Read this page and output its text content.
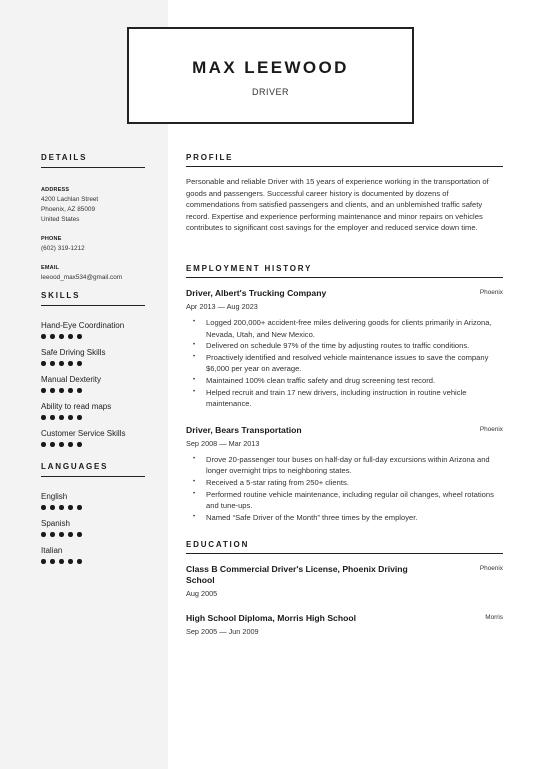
MAX LEEWOOD
DRIVER
DETAILS
ADDRESS
4200 Lachlan Street
Phoenix, AZ 85009
United States
PHONE
(602) 319-1212
EMAIL
leeood_max534@gmail.com
SKILLS
Hand-Eye Coordination
Safe Driving Skills
Manual Dexterity
Ability to read maps
Customer Service Skills
LANGUAGES
English
Spanish
Italian
PROFILE
Personable and reliable Driver with 15 years of experience working in the transportation of goods and passengers. Successful career history is documented by dozens of commendations from satisfied passengers and clients, and an unblemished traffic safety record. Expertise and experience performing maintenance and minor repairs on vehicles contributes to significant cost savings for the employer and reduced service down time.
EMPLOYMENT HISTORY
Driver, Albert's Trucking Company	Phoenix
Apr 2013 — Aug 2023
• Logged 200,000+ accident-free miles delivering goods for clients primarily in Arizona, Nevada, Utah, and New Mexico.
• Delivered on schedule 97% of the time by adjusting routes to traffic conditions.
• Proactively identified and resolved vehicle maintenance issues to save the company $6,000 per year on average.
• Maintained 100% clean traffic safety and drug screening test record.
• Helped recruit and train 17 new drivers, including instruction in routine vehicle maintenance.
Driver, Bears Transportation	Phoenix
Sep 2008 — Mar 2013
• Drove 20-passenger tour buses on half-day or full-day excursions within Arizona and longer overnight trips to neighboring states.
• Received a 5-star rating from 250+ clients.
• Performed routine vehicle maintenance, including regular oil changes, wheel rotations and tune-ups.
• Named “Safe Driver of the Month” three times by the employer.
EDUCATION
Class B Commercial Driver's License, Phoenix Driving School
Phoenix
Aug 2005
High School Diploma, Morris High School	Morris
Sep 2005 — Jun 2009
